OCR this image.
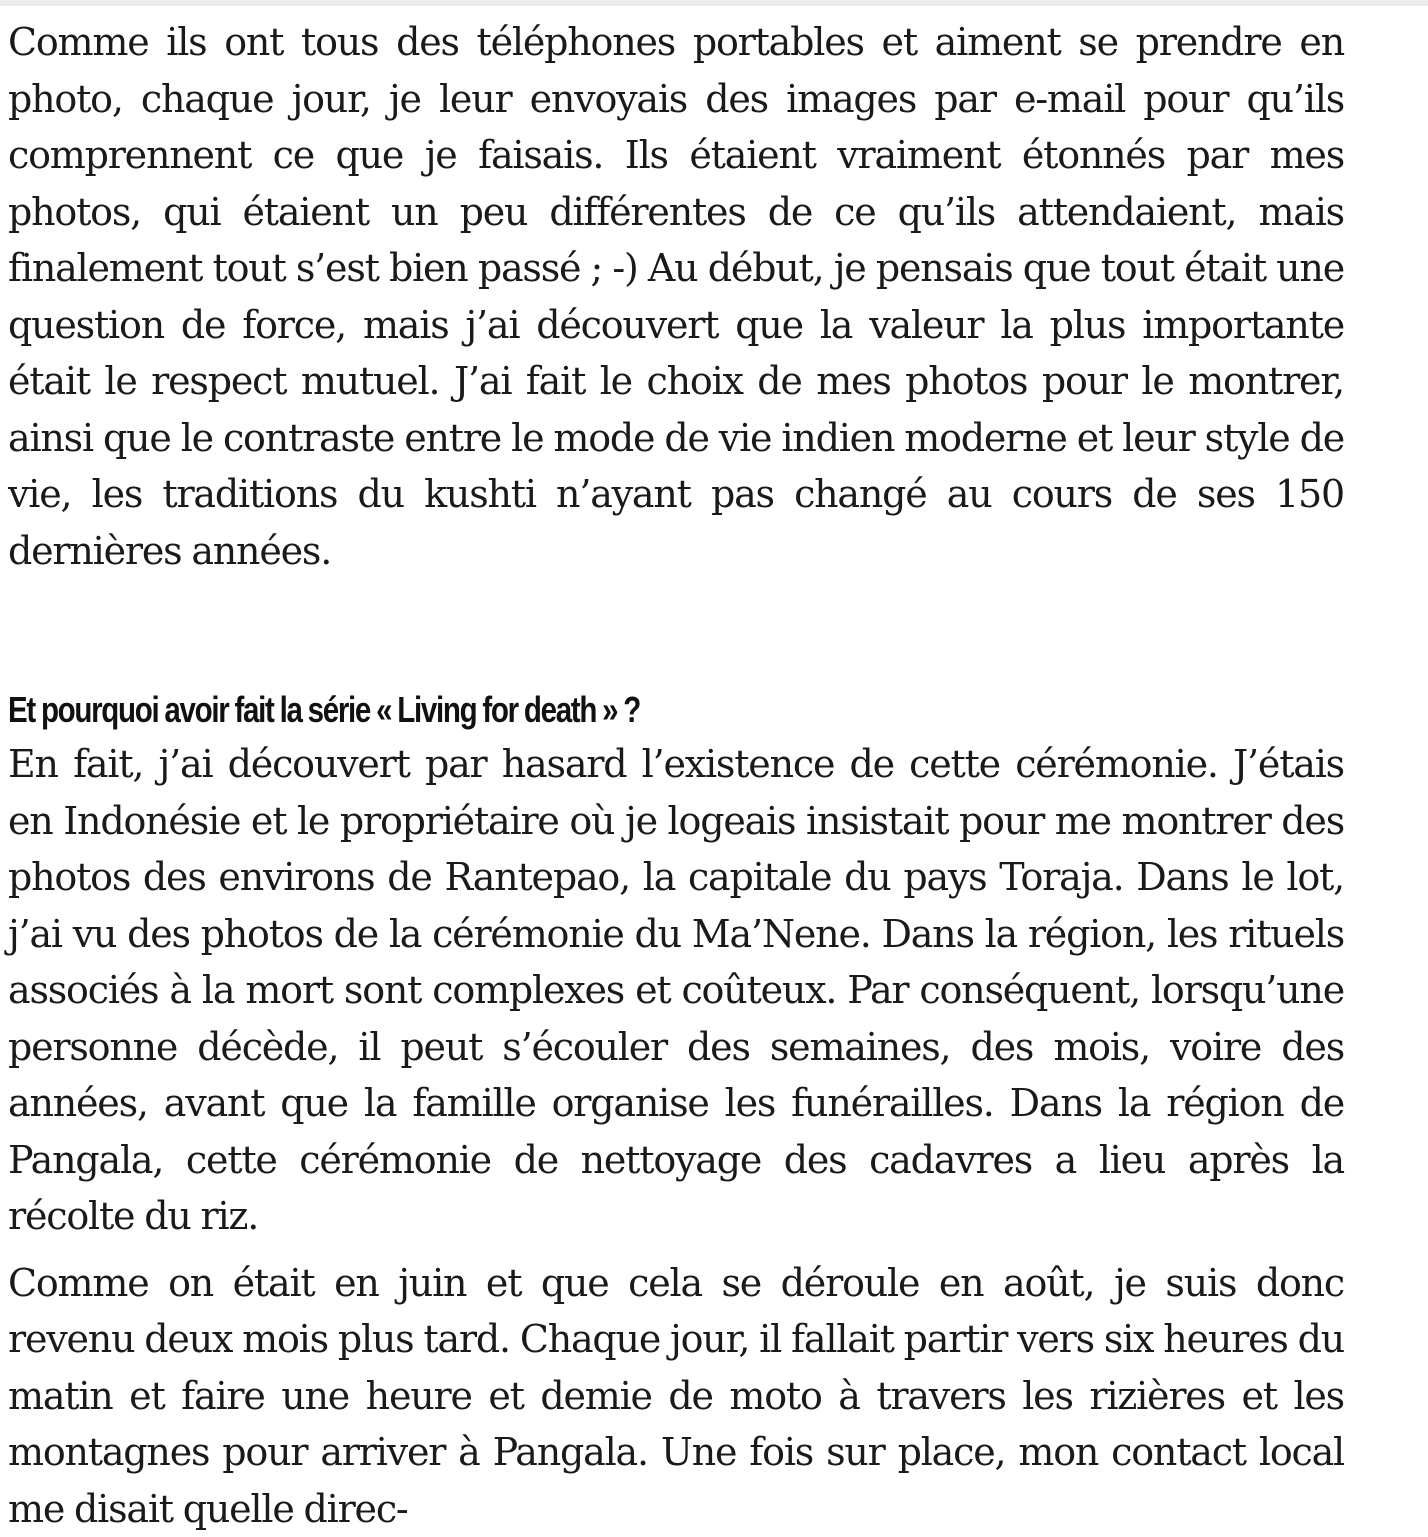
Comme ils ont tous des téléphones portables et aiment se prendre en photo, chaque jour, je leur envoyais des images par e-mail pour qu’ils comprennent ce que je faisais. Ils étaient vraiment étonnés par mes photos, qui étaient un peu différentes de ce qu’ils attendaient, mais finalement tout s’est bien passé ; -) Au début, je pensais que tout était une question de force, mais j’ai découvert que la valeur la plus importante était le respect mutuel. J’ai fait le choix de mes photos pour le montrer, ainsi que le contraste entre le mode de vie indien moderne et leur style de vie, les traditions du kushti n’ayant pas changé au cours de ses 150 dernières années.

Et pourquoi avoir fait la série « Living for death » ?

En fait, j’ai découvert par hasard l’existence de cette cérémonie. J’étais en Indonésie et le propriétaire où je logeais insistait pour me montrer des photos des environs de Rantepao, la capitale du pays Toraja. Dans le lot, j’ai vu des photos de la cérémonie du Ma’Nene. Dans la région, les rituels associés à la mort sont complexes et coûteux. Par conséquent, lorsqu’une personne décède, il peut s’écouler des semaines, des mois, voire des années, avant que la famille organise les funérailles. Dans la région de Pangala, cette cérémonie de nettoyage des cadavres a lieu après la récolte du riz.

Comme on était en juin et que cela se déroule en août, je suis donc revenu deux mois plus tard. Chaque jour, il fallait partir vers six heures du matin et faire une heure et demie de moto à travers les rizières et les montagnes pour arriver à Pangala. Une fois sur place, mon contact local me disait quelle direc-
